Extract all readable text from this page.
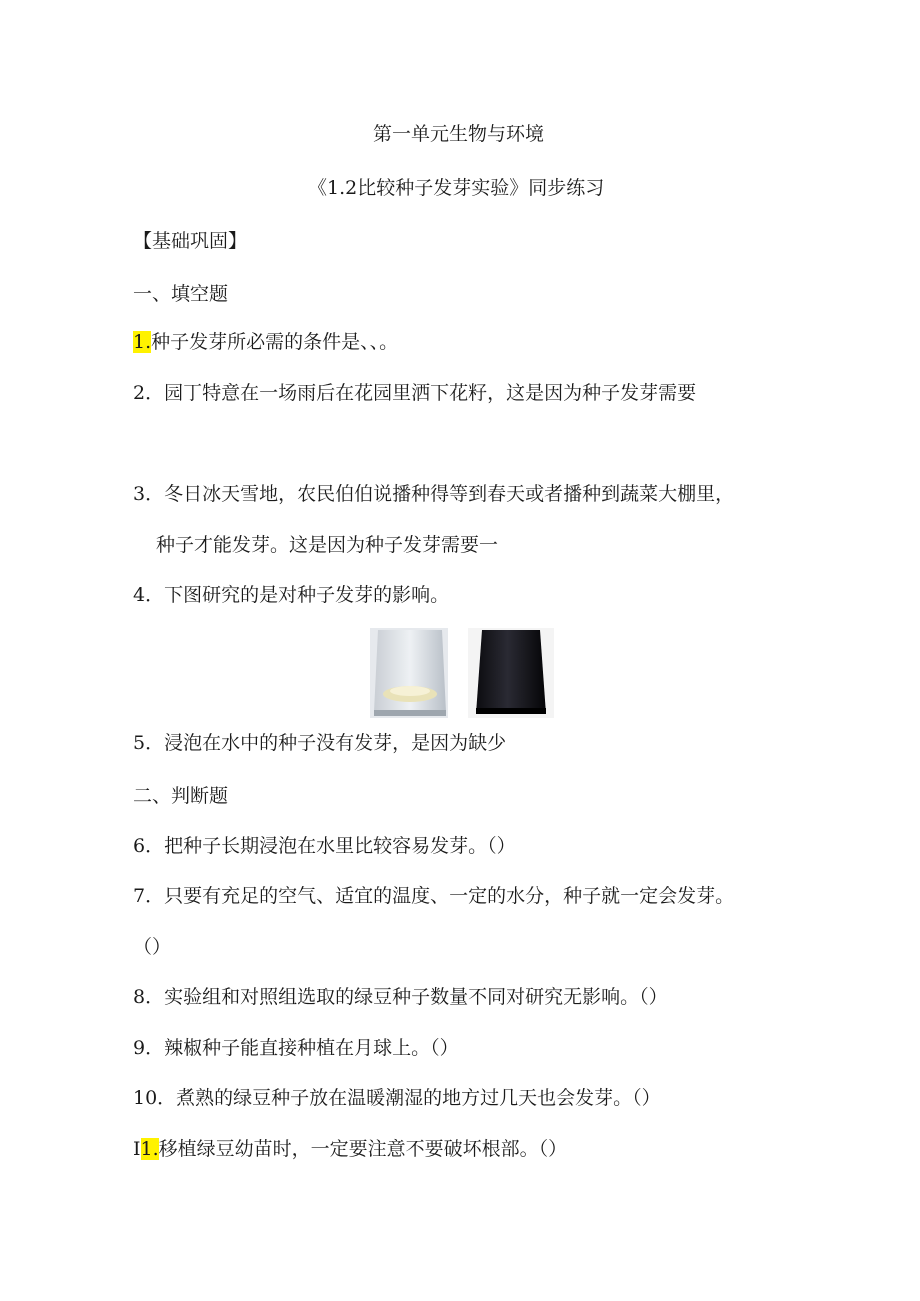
第一单元生物与环境
《1.2比较种子发芽实验》同步练习
【基础巩固】
一、填空题
1.种子发芽所必需的条件是、、。
2．园丁特意在一场雨后在花园里洒下花籽，这是因为种子发芽需要
3．冬日冰天雪地，农民伯伯说播种得等到春天或者播种到蔬菜大棚里，
种子才能发芽。这是因为种子发芽需要一
4．下图研究的是对种子发芽的影响。
5．浸泡在水中的种子没有发芽，是因为缺少
二、判断题
6．把种子长期浸泡在水里比较容易发芽。（）
7．只要有充足的空气、适宜的温度、一定的水分，种子就一定会发芽。
（）
8．实验组和对照组选取的绿豆种子数量不同对研究无影响。（）
9．辣椒种子能直接种植在月球上。（）
10．煮熟的绿豆种子放在温暖潮湿的地方过几天也会发芽。（）
I1.移植绿豆幼苗时，一定要注意不要破坏根部。（）
